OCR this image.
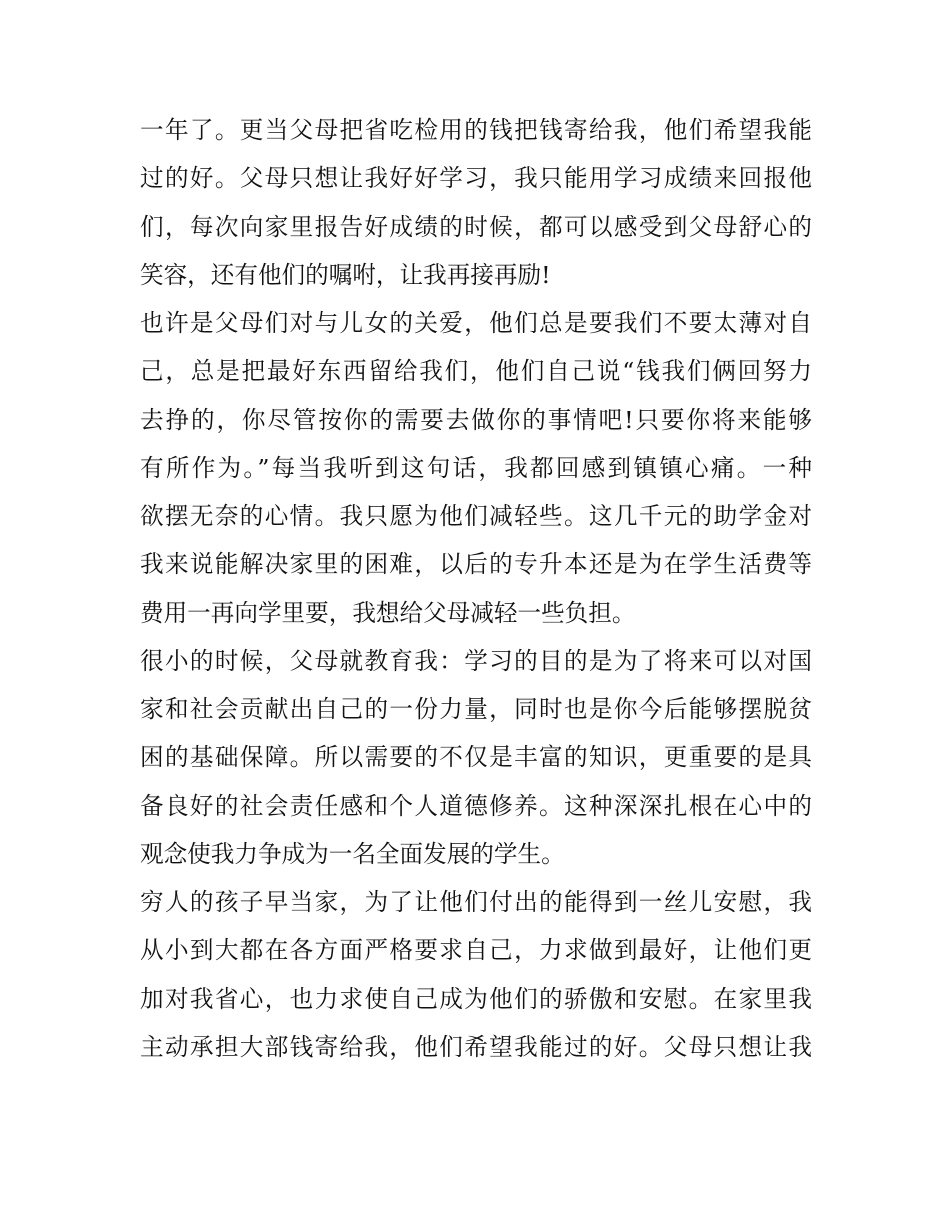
一年了。更当父母把省吃检用的钱把钱寄给我，他们希望我能
过的好。父母只想让我好好学习，我只能用学习成绩来回报他
们，每次向家里报告好成绩的时候，都可以感受到父母舒心的
笑容，还有他们的嘱咐，让我再接再励!
也许是父母们对与儿女的关爱，他们总是要我们不要太薄对自
己，总是把最好东西留给我们，他们自己说“钱我们俩回努力
去挣的，你尽管按你的需要去做你的事情吧!只要你将来能够
有所作为。”每当我听到这句话，我都回感到镇镇心痛。一种
欲摆无奈的心情。我只愿为他们减轻些。这几千元的助学金对
我来说能解决家里的困难，以后的专升本还是为在学生活费等
费用一再向学里要，我想给父母减轻一些负担。
很小的时候，父母就教育我：学习的目的是为了将来可以对国
家和社会贡献出自己的一份力量，同时也是你今后能够摆脱贫
困的基础保障。所以需要的不仅是丰富的知识，更重要的是具
备良好的社会责任感和个人道德修养。这种深深扎根在心中的
观念使我力争成为一名全面发展的学生。
穷人的孩子早当家，为了让他们付出的能得到一丝儿安慰，我
从小到大都在各方面严格要求自己，力求做到最好，让他们更
加对我省心，也力求使自己成为他们的骄傲和安慰。在家里我
主动承担大部钱寄给我，他们希望我能过的好。父母只想让我
